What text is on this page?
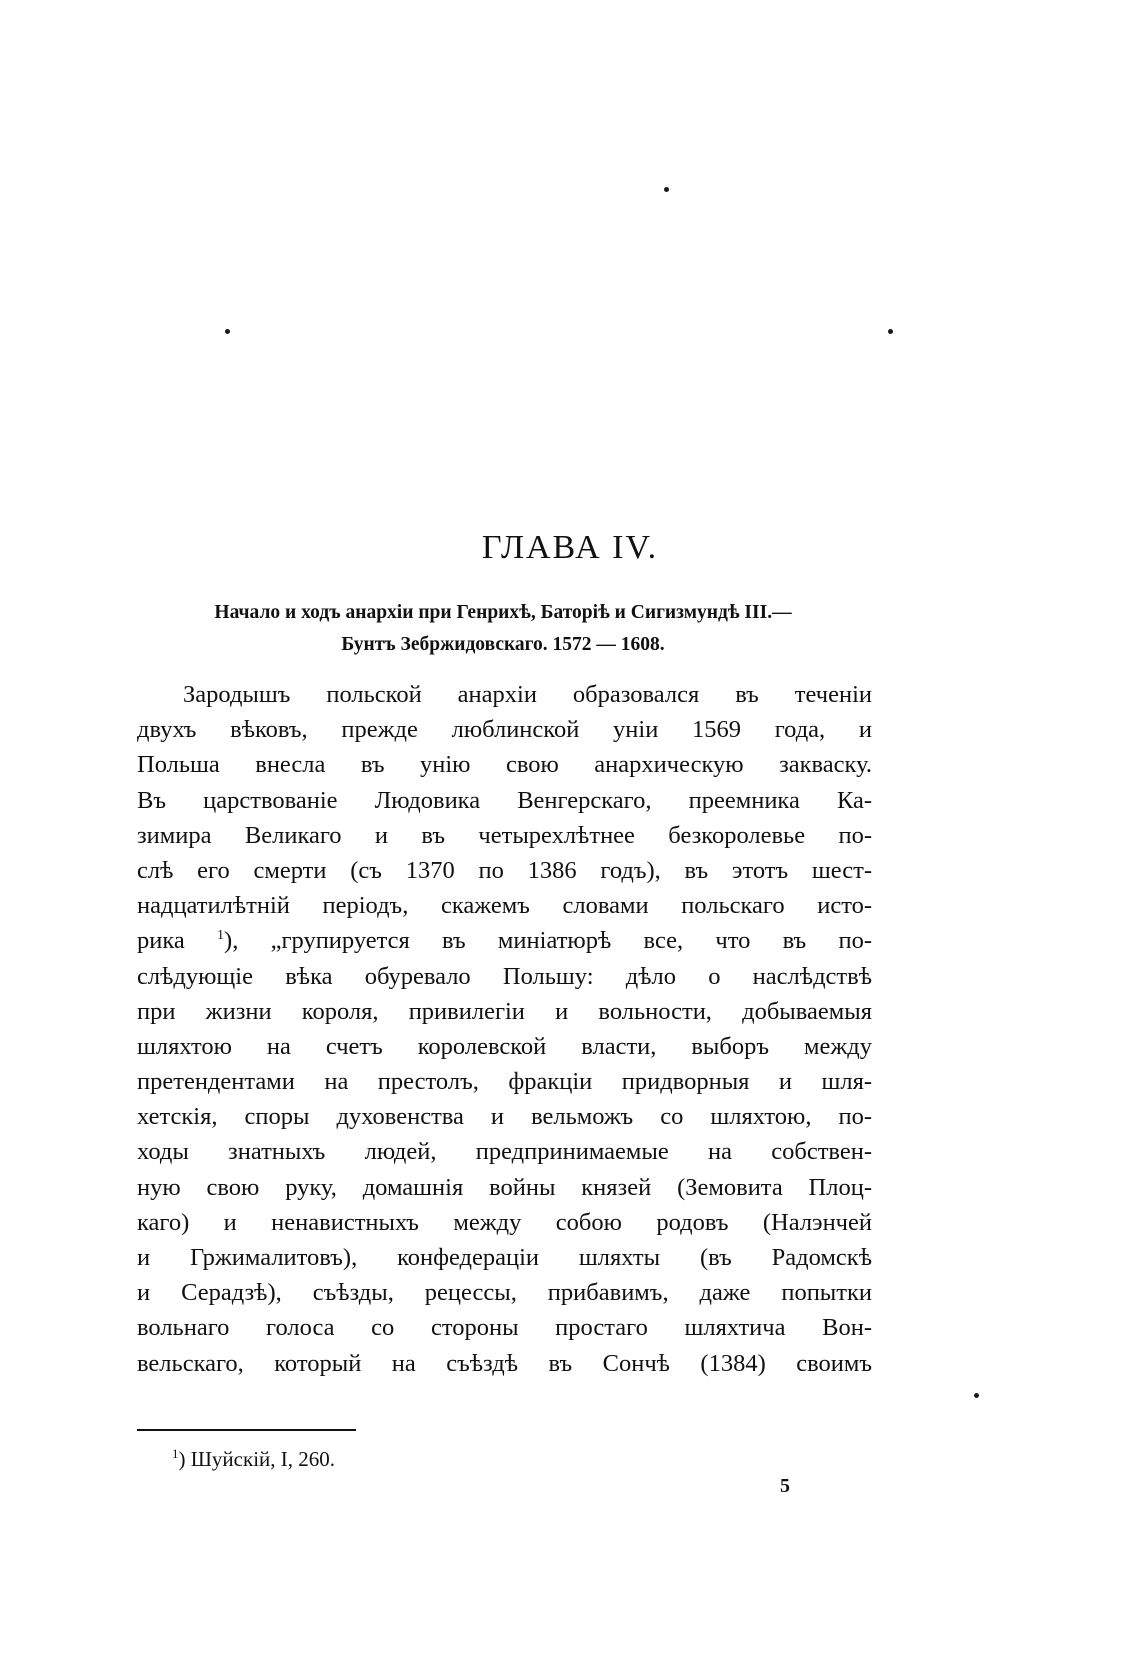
ГЛАВА IV.
Начало и ходъ анархіи при Генрихѣ, Баторіѣ и Сигизмундѣ III.—
Бунтъ Зебржидовскаго. 1572 — 1608.
Зародышъ польской анархіи образовался въ теченіи
двухъ вѣковъ, прежде люблинской уніи 1569 года, и
Польша внесла въ унію свою анархическую закваску.
Въ царствованіе Людовика Венгерскаго, преемника Ка-
зимира Великаго и въ четырехлѣтнее безкоролевье по-
слѣ его смерти (съ 1370 по 1386 годъ), въ этотъ шест-
надцатилѣтній періодъ, скажемъ словами польскаго исто-
рика $^1$), „групируется въ миніатюрѣ все, что въ по-
слѣдующіе вѣка обуревало Польшу: дѣло о наслѣдствѣ
при жизни короля, привилегіи и вольности, добываемыя
шляхтою на счетъ королевской власти, выборъ между
претендентами на престолъ, фракціи придворныя и шля-
хетскія, споры духовенства и вельможъ со шляхтою, по-
ходы знатныхъ людей, предпринимаемые на собствен-
ную свою руку, домашнія войны князей (Земовита Плоц-
каго) и ненавистныхъ между собою родовъ (Налэнчей
и Гржималитовъ), конфедераціи шляхты (въ Радомскѣ
и Серадзѣ), съѣзды, рецессы, прибавимъ, даже попытки
вольнаго голоса со стороны простаго шляхтича Вон-
вельскаго, который на съѣздѣ въ Сончѣ (1384) своимъ
$^1$) Шуйскій, I, 260.
5
